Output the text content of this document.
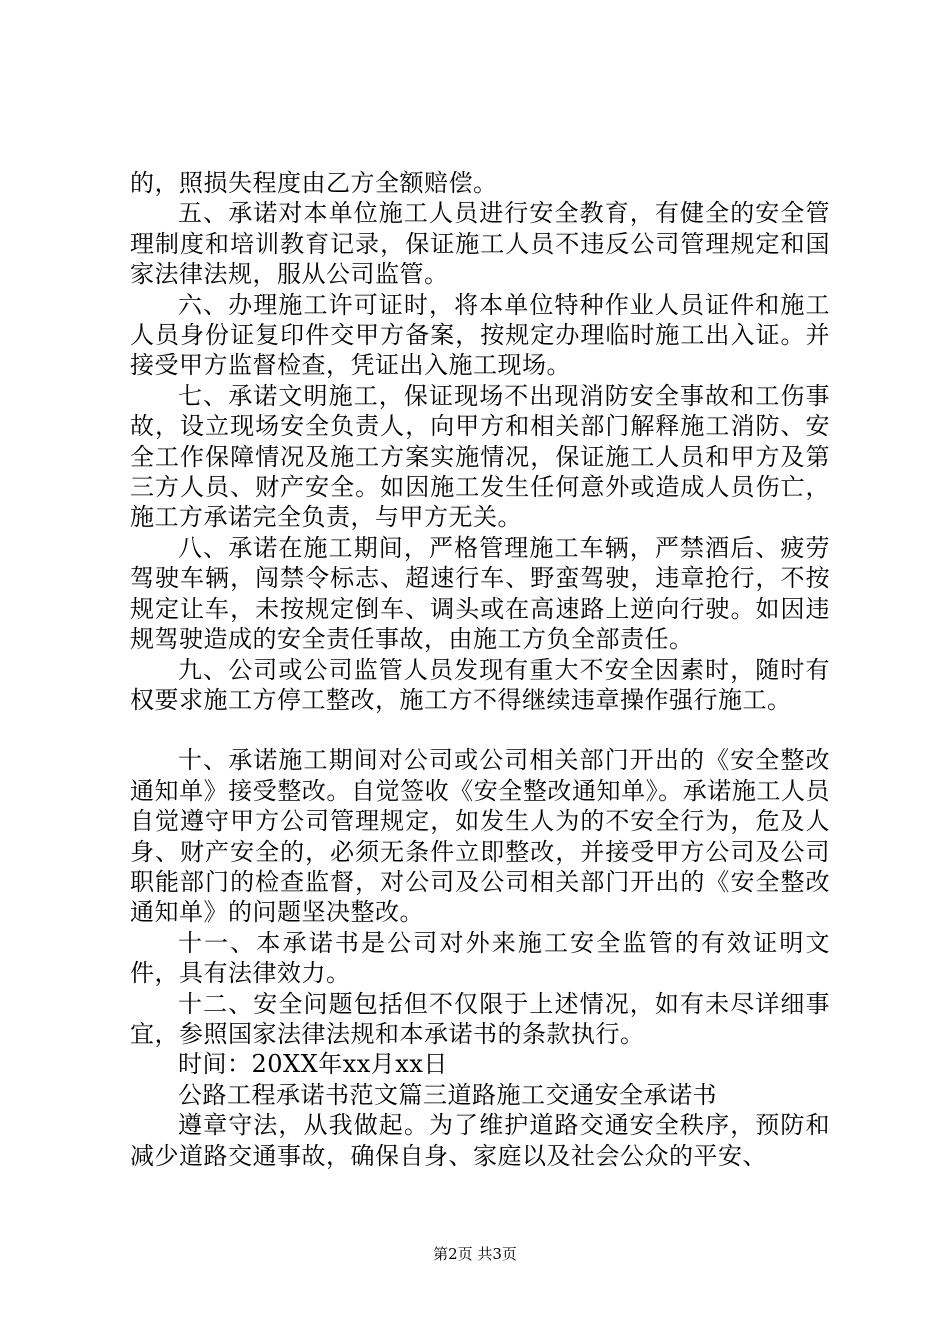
的，照损失程度由乙方全额赔偿。

五、承诺对本单位施工人员进行安全教育，有健全的安全管理制度和培训教育记录，保证施工人员不违反公司管理规定和国家法律法规，服从公司监管。

六、办理施工许可证时，将本单位特种作业人员证件和施工人员身份证复印件交甲方备案，按规定办理临时施工出入证。并接受甲方监督检查，凭证出入施工现场。

七、承诺文明施工，保证现场不出现消防安全事故和工伤事故，设立现场安全负责人，向甲方和相关部门解释施工消防、安全工作保障情况及施工方案实施情况，保证施工人员和甲方及第三方人员、财产安全。如因施工发生任何意外或造成人员伤亡，施工方承诺完全负责，与甲方无关。

八、承诺在施工期间，严格管理施工车辆，严禁酒后、疲劳驾驶车辆，闯禁令标志、超速行车、野蛮驾驶，违章抢行，不按规定让车，未按规定倒车、调头或在高速路上逆向行驶。如因违规驾驶造成的安全责任事故，由施工方负全部责任。

九、公司或公司监管人员发现有重大不安全因素时，随时有权要求施工方停工整改，施工方不得继续违章操作强行施工。

十、承诺施工期间对公司或公司相关部门开出的《安全整改通知单》接受整改。自觉签收《安全整改通知单》。承诺施工人员自觉遵守甲方公司管理规定，如发生人为的不安全行为，危及人身、财产安全的，必须无条件立即整改，并接受甲方公司及公司职能部门的检查监督，对公司及公司相关部门开出的《安全整改通知单》的问题坚决整改。

十一、本承诺书是公司对外来施工安全监管的有效证明文件，具有法律效力。

十二、安全问题包括但不仅限于上述情况，如有未尽详细事宜，参照国家法律法规和本承诺书的条款执行。

时间：20XX年xx月xx日

公路工程承诺书范文篇三道路施工交通安全承诺书

遵章守法，从我做起。为了维护道路交通安全秩序，预防和减少道路交通事故，确保自身、家庭以及社会公众的平安、

第2页 共3页
